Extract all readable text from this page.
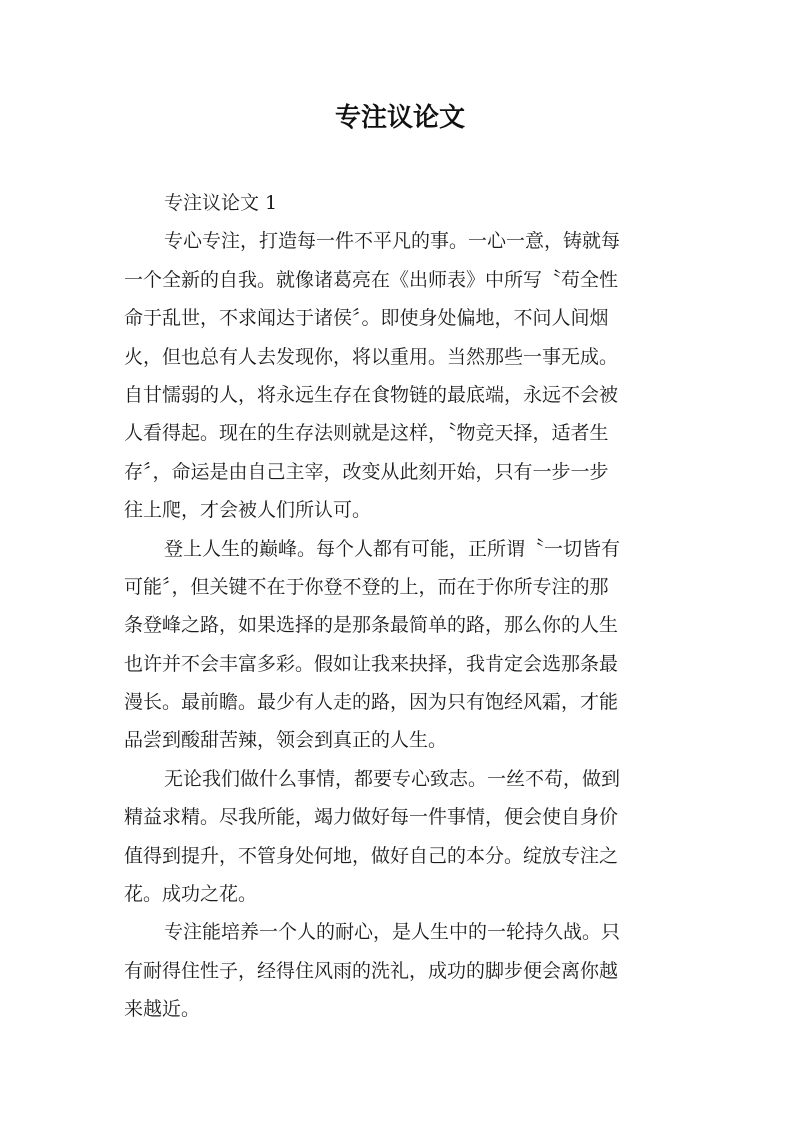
专注议论文
专注议论文 1
专心专注，打造每一件不平凡的事。一心一意，铸就每
一个全新的自我。就像诸葛亮在《出师表》中所写〝苟全性
命于乱世，不求闻达于诸侯〞。即使身处偏地，不问人间烟
火，但也总有人去发现你，将以重用。当然那些一事无成。
自甘懦弱的人，将永远生存在食物链的最底端，永远不会被
人看得起。现在的生存法则就是这样，〝物竞天择，适者生
存〞，命运是由自己主宰，改变从此刻开始，只有一步一步
往上爬，才会被人们所认可。
登上人生的巅峰。每个人都有可能，正所谓〝一切皆有
可能〞，但关键不在于你登不登的上，而在于你所专注的那
条登峰之路，如果选择的是那条最简单的路，那么你的人生
也许并不会丰富多彩。假如让我来抉择，我肯定会选那条最
漫长。最前瞻。最少有人走的路，因为只有饱经风霜，才能
品尝到酸甜苦辣，领会到真正的人生。
无论我们做什么事情，都要专心致志。一丝不苟，做到
精益求精。尽我所能，竭力做好每一件事情，便会使自身价
值得到提升，不管身处何地，做好自己的本分。绽放专注之
花。成功之花。
专注能培养一个人的耐心，是人生中的一轮持久战。只
有耐得住性子，经得住风雨的洗礼，成功的脚步便会离你越
来越近。
